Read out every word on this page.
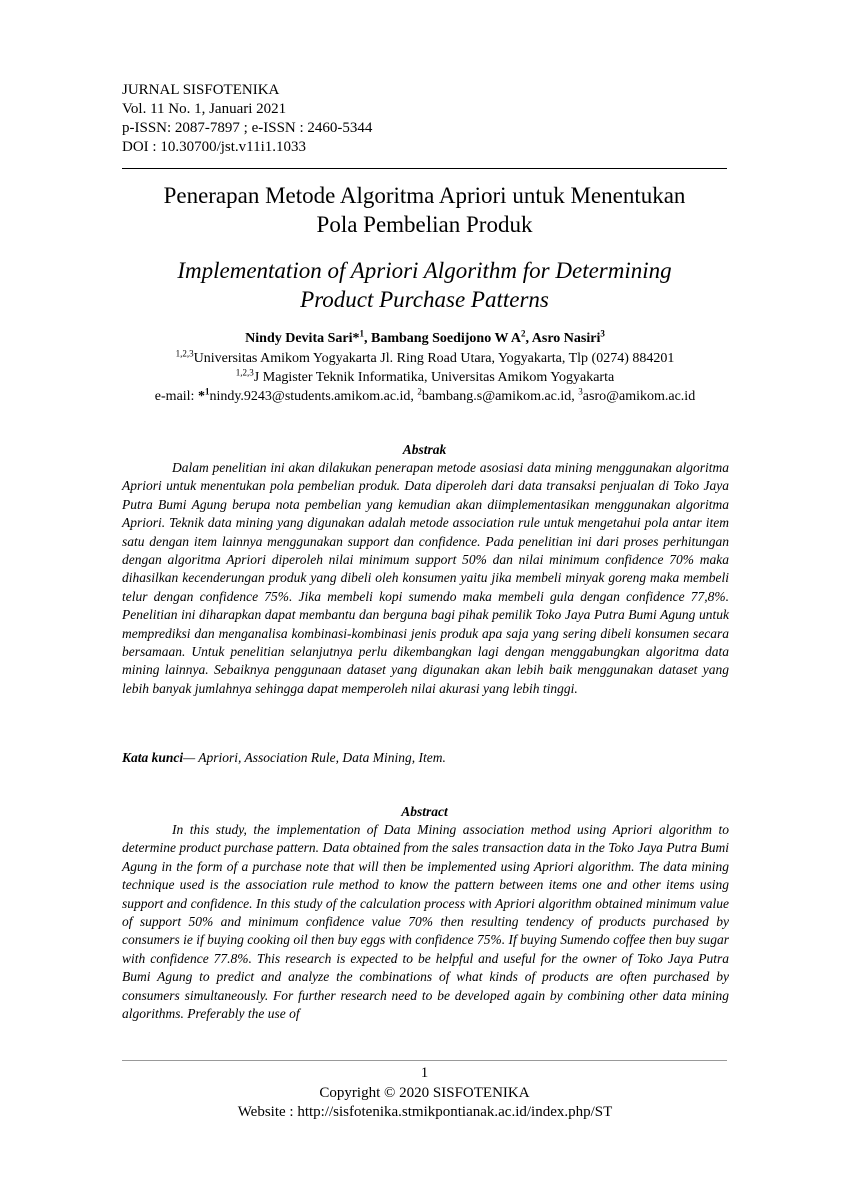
JURNAL SISFOTENIKA
Vol. 11 No. 1, Januari 2021
p-ISSN: 2087-7897 ; e-ISSN : 2460-5344
DOI : 10.30700/jst.v11i1.1033
Penerapan Metode Algoritma Apriori untuk Menentukan
Pola Pembelian Produk
Implementation of Apriori Algorithm for Determining
Product Purchase Patterns
Nindy Devita Sari*$^1$, Bambang Soedijono W $A^2$, Asro Nasiri$^3$
$^{1,2,3}$Universitas Amikom Yogyakarta Jl. Ring Road Utara, Yogyakarta, Tlp (0274) 884201
$^{1,2,3}$J Magister Teknik Informatika, Universitas Amikom Yogyakarta
e-mail: *$^1$nindy.9243@students.amikom.ac.id, $^2$bambang.s@amikom.ac.id, $^3$asro@amikom.ac.id
Abstrak
Dalam penelitian ini akan dilakukan penerapan metode asosiasi data mining menggunakan algoritma Apriori untuk menentukan pola pembelian produk. Data diperoleh dari data transaksi penjualan di Toko Jaya Putra Bumi Agung berupa nota pembelian yang kemudian akan diimplementasikan menggunakan algoritma Apriori. Teknik data mining yang digunakan adalah metode association rule untuk mengetahui pola antar item satu dengan item lainnya menggunakan support dan confidence. Pada penelitian ini dari proses perhitungan dengan algoritma Apriori diperoleh nilai minimum support 50% dan nilai minimum confidence 70% maka dihasilkan kecenderungan produk yang dibeli oleh konsumen yaitu jika membeli minyak goreng maka membeli telur dengan confidence 75%. Jika membeli kopi sumendo maka membeli gula dengan confidence 77,8%. Penelitian ini diharapkan dapat membantu dan berguna bagi pihak pemilik Toko Jaya Putra Bumi Agung untuk memprediksi dan menganalisa kombinasi-kombinasi jenis produk apa saja yang sering dibeli konsumen secara bersamaan. Untuk penelitian selanjutnya perlu dikembangkan lagi dengan menggabungkan algoritma data mining lainnya. Sebaiknya penggunaan dataset yang digunakan akan lebih baik menggunakan dataset yang lebih banyak jumlahnya sehingga dapat memperoleh nilai akurasi yang lebih tinggi.
Kata kunci— Apriori, Association Rule, Data Mining, Item.
Abstract
In this study, the implementation of Data Mining association method using Apriori algorithm to determine product purchase pattern. Data obtained from the sales transaction data in the Toko Jaya Putra Bumi Agung in the form of a purchase note that will then be implemented using Apriori algorithm. The data mining technique used is the association rule method to know the pattern between items one and other items using support and confidence. In this study of the calculation process with Apriori algorithm obtained minimum value of support 50% and minimum confidence value 70% then resulting tendency of products purchased by consumers ie if buying cooking oil then buy eggs with confidence 75%. If buying Sumendo coffee then buy sugar with confidence 77.8%. This research is expected to be helpful and useful for the owner of Toko Jaya Putra Bumi Agung to predict and analyze the combinations of what kinds of products are often purchased by consumers simultaneously. For further research need to be developed again by combining other data mining algorithms. Preferably the use of
1
Copyright © 2020 SISFOTENIKA
Website : http://sisfotenika.stmikpontianak.ac.id/index.php/ST
